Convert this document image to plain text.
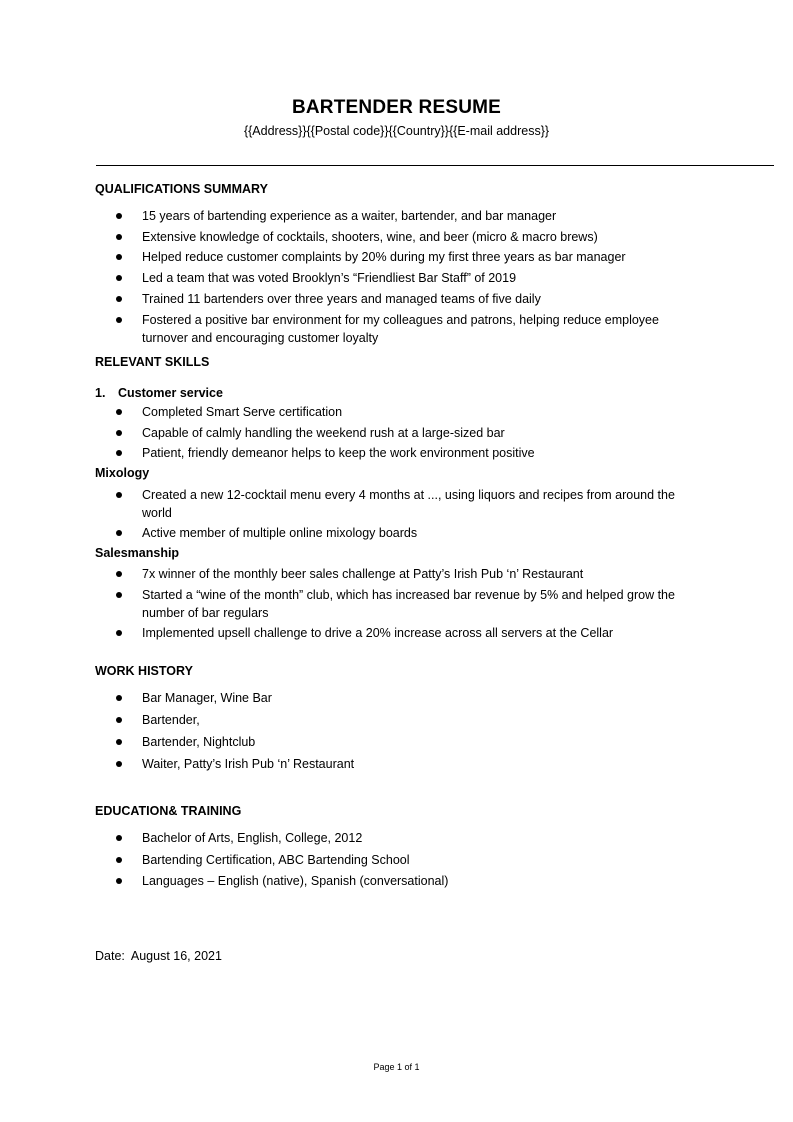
BARTENDER RESUME
{{Address}}{{Postal code}}{{Country}}{{E-mail address}}
QUALIFICATIONS SUMMARY
15 years of bartending experience as a waiter, bartender, and bar manager
Extensive knowledge of cocktails, shooters, wine, and beer (micro & macro brews)
Helped reduce customer complaints by 20% during my first three years as bar manager
Led a team that was voted Brooklyn’s “Friendliest Bar Staff” of 2019
Trained 11 bartenders over three years and managed teams of five daily
Fostered a positive bar environment for my colleagues and patrons, helping reduce employee turnover and encouraging customer loyalty
RELEVANT SKILLS
1. Customer service
Completed Smart Serve certification
Capable of calmly handling the weekend rush at a large-sized bar
Patient, friendly demeanor helps to keep the work environment positive
Mixology
Created a new 12-cocktail menu every 4 months at ..., using liquors and recipes from around the world
Active member of multiple online mixology boards
Salesmanship
7x winner of the monthly beer sales challenge at Patty’s Irish Pub ‘n’ Restaurant
Started a “wine of the month” club, which has increased bar revenue by 5% and helped grow the number of bar regulars
Implemented upsell challenge to drive a 20% increase across all servers at the Cellar
WORK HISTORY
Bar Manager, Wine Bar
Bartender,
Bartender, Nightclub
Waiter, Patty’s Irish Pub ‘n’ Restaurant
EDUCATION& TRAINING
Bachelor of Arts, English, College, 2012
Bartending Certification, ABC Bartending School
Languages – English (native), Spanish (conversational)
Date: August 16, 2021
Page 1 of 1
